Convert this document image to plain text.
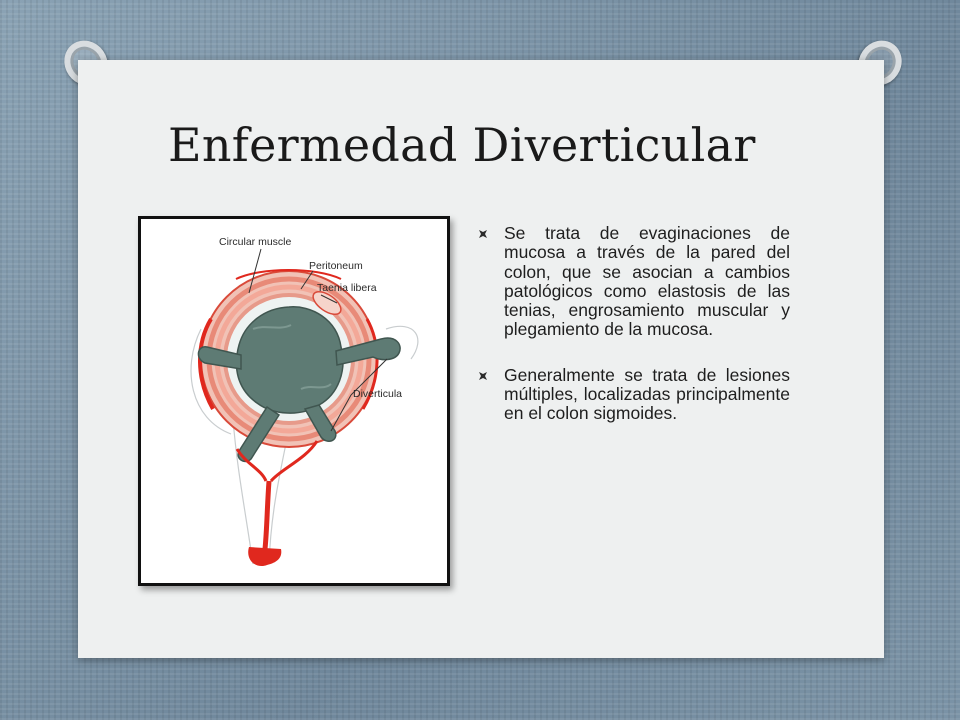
Enfermedad Diverticular
Circular muscle
Peritoneum
Taenia libera
Diverticula
Se trata de evaginaciones de mucosa a través de la pared del colon, que se asocian a cambios patológicos como elastosis de las tenias, engrosamiento muscular y plegamiento de la mucosa.
Generalmente se trata de lesiones múltiples, localizadas principalmente en el colon sigmoides.
